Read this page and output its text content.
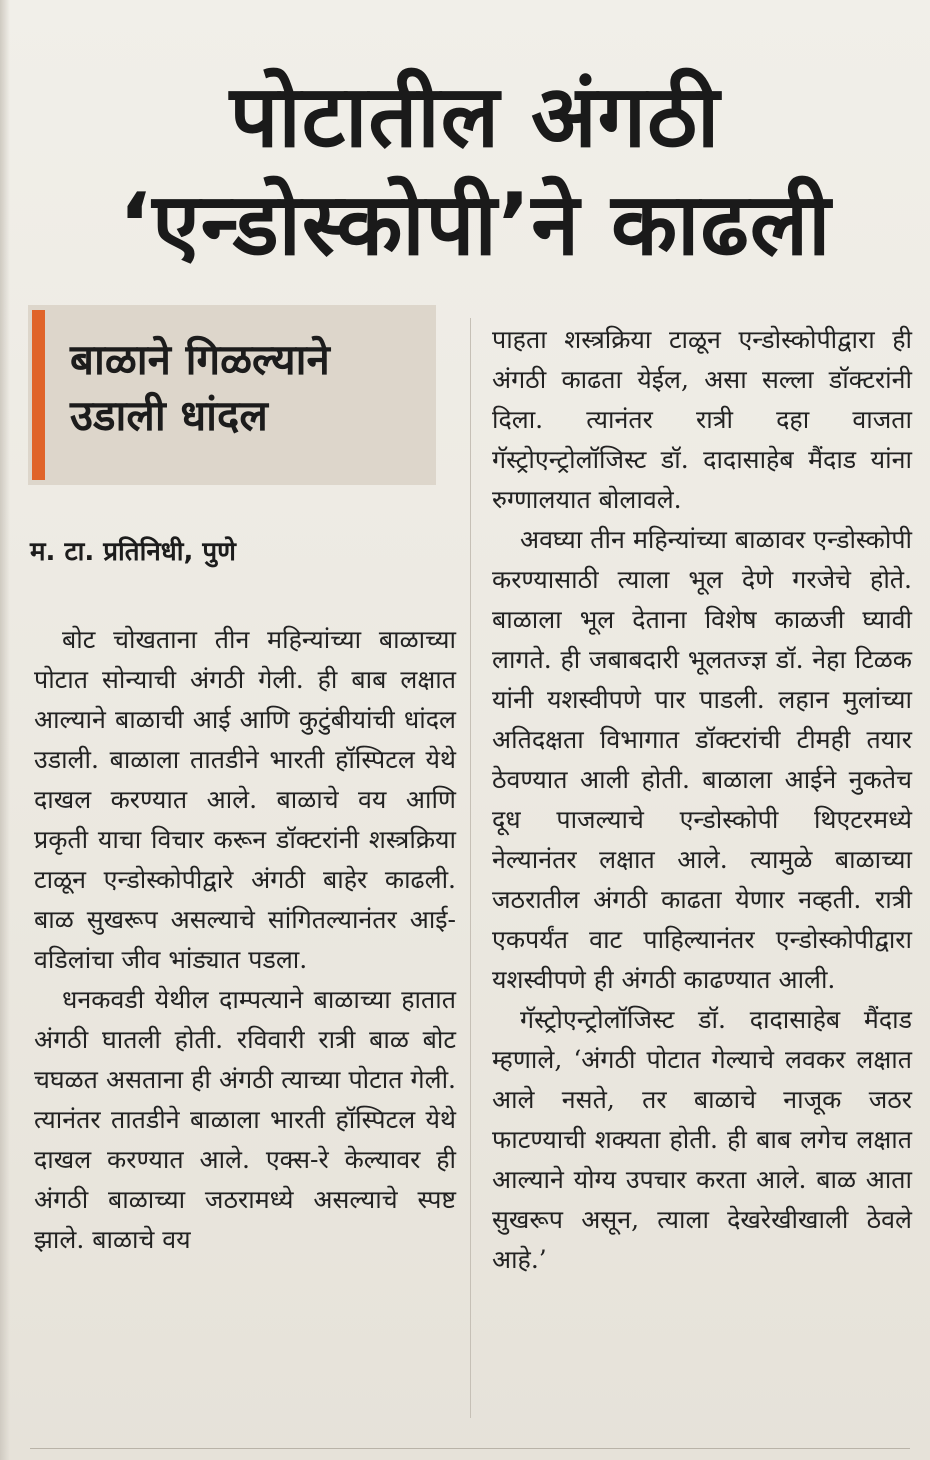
पोटातील अंगठी
‘एन्डोस्कोपी’ने काढली
बाळाने गिळल्याने
उडाली धांदल
म. टा. प्रतिनिधी, पुणे

बोट चोखताना तीन महिन्यांच्या बाळाच्या पोटात सोन्याची अंगठी गेली. ही बाब लक्षात आल्याने बाळाची आई आणि कुटुंबीयांची धांदल उडाली. बाळाला तातडीने भारती हॉस्पिटल येथे दाखल करण्यात आले. बाळाचे वय आणि प्रकृती याचा विचार करून डॉक्टरांनी शस्त्रक्रिया टाळून एन्डोस्कोपीद्वारे अंगठी बाहेर काढली. बाळ सुखरूप असल्याचे सांगितल्यानंतर आई-वडिलांचा जीव भांड्यात पडला.

धनकवडी येथील दाम्पत्याने बाळाच्या हातात अंगठी घातली होती. रविवारी रात्री बाळ बोट चघळत असताना ही अंगठी त्याच्या पोटात गेली. त्यानंतर तातडीने बाळाला भारती हॉस्पिटल येथे दाखल करण्यात आले. एक्स-रे केल्यावर ही अंगठी बाळाच्या जठरामध्ये असल्याचे स्पष्ट झाले. बाळाचे वय

पाहता शस्त्रक्रिया टाळून एन्डोस्कोपीद्वारा ही अंगठी काढता येईल, असा सल्ला डॉक्टरांनी दिला. त्यानंतर रात्री दहा वाजता गॅस्ट्रोएन्ट्रोलॉजिस्ट डॉ. दादासाहेब मैंदाड यांना रुग्णालयात बोलावले.

अवघ्या तीन महिन्यांच्या बाळावर एन्डोस्कोपी करण्यासाठी त्याला भूल देणे गरजेचे होते. बाळाला भूल देताना विशेष काळजी घ्यावी लागते. ही जबाबदारी भूलतज्ज्ञ डॉ. नेहा टिळक यांनी यशस्वीपणे पार पाडली. लहान मुलांच्या अतिदक्षता विभागात डॉक्टरांची टीमही तयार ठेवण्यात आली होती. बाळाला आईने नुकतेच दूध पाजल्याचे एन्डोस्कोपी थिएटरमध्ये नेल्यानंतर लक्षात आले. त्यामुळे बाळाच्या जठरातील अंगठी काढता येणार नव्हती. रात्री एकपर्यंत वाट पाहिल्यानंतर एन्डोस्कोपीद्वारा यशस्वीपणे ही अंगठी काढण्यात आली.

गॅस्ट्रोएन्ट्रोलॉजिस्ट डॉ. दादासाहेब मैंदाड म्हणाले, ‘अंगठी पोटात गेल्याचे लवकर लक्षात आले नसते, तर बाळाचे नाजूक जठर फाटण्याची शक्यता होती. ही बाब लगेच लक्षात आल्याने योग्य उपचार करता आले. बाळ आता सुखरूप असून, त्याला देखरेखीखाली ठेवले आहे.’
